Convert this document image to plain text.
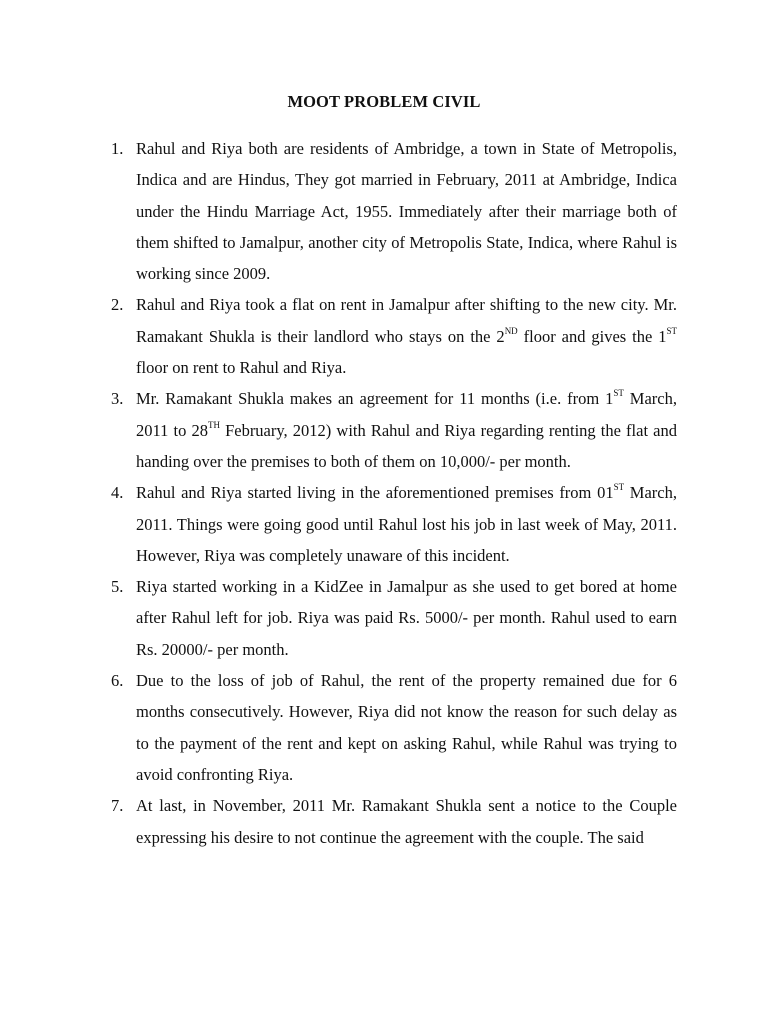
MOOT PROBLEM CIVIL
1. Rahul and Riya both are residents of Ambridge, a town in State of Metropolis, Indica and are Hindus, They got married in February, 2011 at Ambridge, Indica under the Hindu Marriage Act, 1955. Immediately after their marriage both of them shifted to Jamalpur, another city of Metropolis State, Indica, where Rahul is working since 2009.
2. Rahul and Riya took a flat on rent in Jamalpur after shifting to the new city. Mr. Ramakant Shukla is their landlord who stays on the 2ND floor and gives the 1ST floor on rent to Rahul and Riya.
3. Mr. Ramakant Shukla makes an agreement for 11 months (i.e. from 1ST March, 2011 to 28TH February, 2012) with Rahul and Riya regarding renting the flat and handing over the premises to both of them on 10,000/- per month.
4. Rahul and Riya started living in the aforementioned premises from 01ST March, 2011. Things were going good until Rahul lost his job in last week of May, 2011. However, Riya was completely unaware of this incident.
5. Riya started working in a KidZee in Jamalpur as she used to get bored at home after Rahul left for job. Riya was paid Rs. 5000/- per month. Rahul used to earn Rs. 20000/- per month.
6. Due to the loss of job of Rahul, the rent of the property remained due for 6 months consecutively. However, Riya did not know the reason for such delay as to the payment of the rent and kept on asking Rahul, while Rahul was trying to avoid confronting Riya.
7. At last, in November, 2011 Mr. Ramakant Shukla sent a notice to the Couple expressing his desire to not continue the agreement with the couple. The said
